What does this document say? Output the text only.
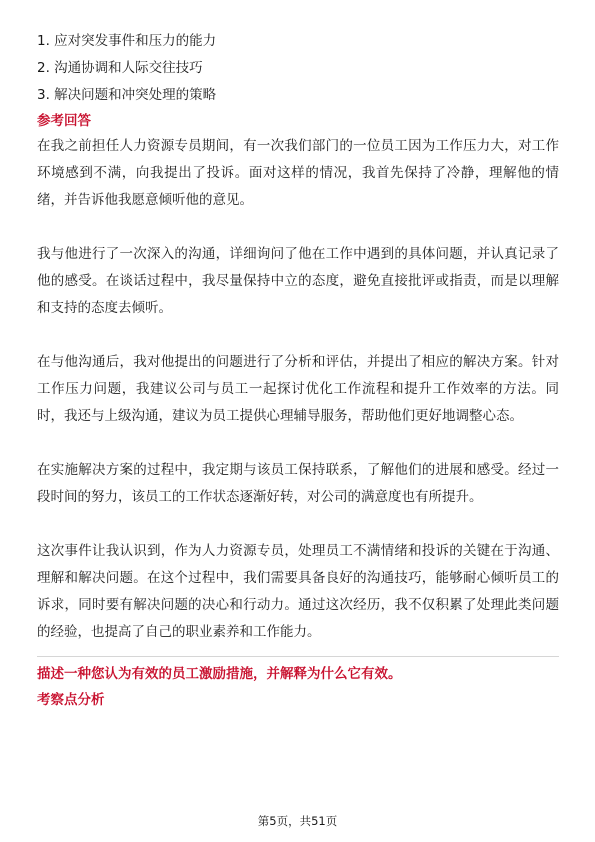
1. 应对突发事件和压力的能力
2. 沟通协调和人际交往技巧
3. 解决问题和冲突处理的策略
参考回答

在我之前担任人力资源专员期间，有一次我们部门的一位员工因为工作压力大，对工作环境感到不满，向我提出了投诉。面对这样的情况，我首先保持了冷静，理解他的情绪，并告诉他我愿意倾听他的意见。

我与他进行了一次深入的沟通，详细询问了他在工作中遇到的具体问题，并认真记录了他的感受。在谈话过程中，我尽量保持中立的态度，避免直接批评或指责，而是以理解和支持的态度去倾听。

在与他沟通后，我对他提出的问题进行了分析和评估，并提出了相应的解决方案。针对工作压力问题，我建议公司与员工一起探讨优化工作流程和提升工作效率的方法。同时，我还与上级沟通，建议为员工提供心理辅导服务，帮助他们更好地调整心态。

在实施解决方案的过程中，我定期与该员工保持联系，了解他们的进展和感受。经过一段时间的努力，该员工的工作状态逐渐好转，对公司的满意度也有所提升。

这次事件让我认识到，作为人力资源专员，处理员工不满情绪和投诉的关键在于沟通、理解和解决问题。在这个过程中，我们需要具备良好的沟通技巧，能够耐心倾听员工的诉求，同时要有解决问题的决心和行动力。通过这次经历，我不仅积累了处理此类问题的经验，也提高了自己的职业素养和工作能力。

描述一种您认为有效的员工激励措施，并解释为什么它有效。
考察点分析
第5页，共51页
